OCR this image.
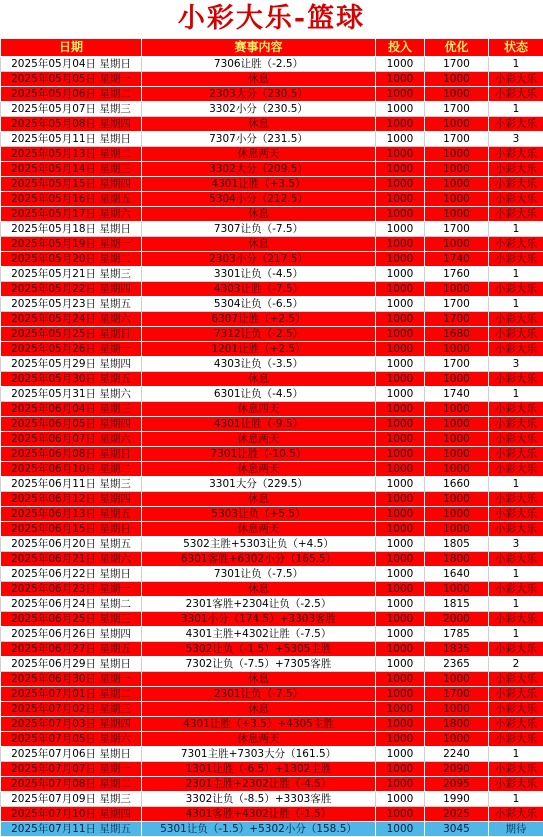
小彩大乐-篮球
日期	赛事内容	投入	优化	状态
2025年05月04日 星期日	7306让胜（-2.5）	1000	1700	1
2025年05月05日 星期一	休息	1000	1000	小彩大乐
2025年05月06日 星期二	2303大分（230.5）	1000	1000	小彩大乐
2025年05月07日 星期三	3302小分（230.5）	1000	1700	1
2025年05月08日 星期四	休息	1000	1000	小彩大乐
2025年05月11日 星期日	7307小分（231.5）	1000	1700	3
2025年05月13日 星期二	休息两天	1000	1000	小彩大乐
2025年05月14日 星期三	3302大分（209.5）	1000	1000	小彩大乐
2025年05月15日 星期四	4301让胜（+3.5）	1000	1000	小彩大乐
2025年05月16日 星期五	5304小分（212.5）	1000	1000	小彩大乐
2025年05月17日 星期六	休息	1000	1000	小彩大乐
2025年05月18日 星期日	7307让负（-7.5）	1000	1700	1
2025年05月19日 星期一	休息	1000	1000	小彩大乐
2025年05月20日 星期二	2303小分（217.5）	1000	1740	小彩大乐
2025年05月21日 星期三	3301让负（-4.5）	1000	1760	1
2025年05月22日 星期四	4303让胜（-7.5）	1000	1000	小彩大乐
2025年05月23日 星期五	5304让负（-6.5）	1000	1700	1
2025年05月24日 星期六	6307让胜（+2.5）	1000	1700	小彩大乐
2025年05月25日 星期日	7312让负（-2.5）	1000	1680	小彩大乐
2025年05月26日 星期一	1201让胜（+2.5）	1000	1000	小彩大乐
2025年05月29日 星期四	4303让负（-3.5）	1000	1700	3
2025年05月30日 星期五	休息	1000	1000	小彩大乐
2025年05月31日 星期六	6301让负（-4.5）	1000	1740	1
2025年06月04日 星期三	休息四天	1000	1000	小彩大乐
2025年06月05日 星期四	4301让胜（-9.5）	1000	1000	小彩大乐
2025年06月07日 星期六	休息两天	1000	1000	小彩大乐
2025年06月08日 星期日	7301让胜（-10.5）	1000	1000	小彩大乐
2025年06月10日 星期二	休息两天	1000	1000	小彩大乐
2025年06月11日 星期三	3301大分（229.5）	1000	1660	1
2025年06月12日 星期四	休息	1000	1000	小彩大乐
2025年06月13日 星期五	5303让负（+5.5）	1000	1000	小彩大乐
2025年06月15日 星期日	休息两天	1000	1000	小彩大乐
2025年06月20日 星期五	5302主胜+5303让负（+4.5）	1000	1805	3
2025年06月21日 星期六	6301客胜+6302小分（165.5）	1000	1800	小彩大乐
2025年06月22日 星期日	7301让负（-7.5）	1000	1640	1
2025年06月23日 星期一	休息	1000	1000	小彩大乐
2025年06月24日 星期二	2301客胜+2304让负（-2.5）	1000	1815	1
2025年06月25日 星期三	3301小分（174.5）+3303客胜	1000	2000	小彩大乐
2025年06月26日 星期四	4301主胜+4302让胜（-7.5）	1000	1785	1
2025年06月27日 星期五	5302让负（-1.5）+5305主胜	1000	1835	小彩大乐
2025年06月29日 星期日	7302让负（-7.5）+7305客胜	1000	2365	2
2025年06月30日 星期一	休息	1000	1000	小彩大乐
2025年07月01日 星期二	2301让负（-7.5）	1000	1700	小彩大乐
2025年07月02日 星期三	休息	1000	1000	小彩大乐
2025年07月03日 星期四	4301让胜（+3.5）+4305主胜	1000	1800	小彩大乐
2025年07月05日 星期六	休息两天	1000	1000	小彩大乐
2025年07月06日 星期日	7301主胜+7303大分（161.5）	1000	2240	1
2025年07月07日 星期一	1301让胜（-6.5）+1302主胜	1000	2090	小彩大乐
2025年07月08日 星期二	2301主胜+2302让胜（-4.5）	1000	2095	小彩大乐
2025年07月09日 星期三	3302让负（-8.5）+3303客胜	1000	1990	1
2025年07月10日 星期四	4301客胜+4302让胜（-1.5）	1000	2025	小彩大乐
2025年07月11日 星期五	5301让负（-1.5）+5302小分（158.5）	1000	3045	期待
